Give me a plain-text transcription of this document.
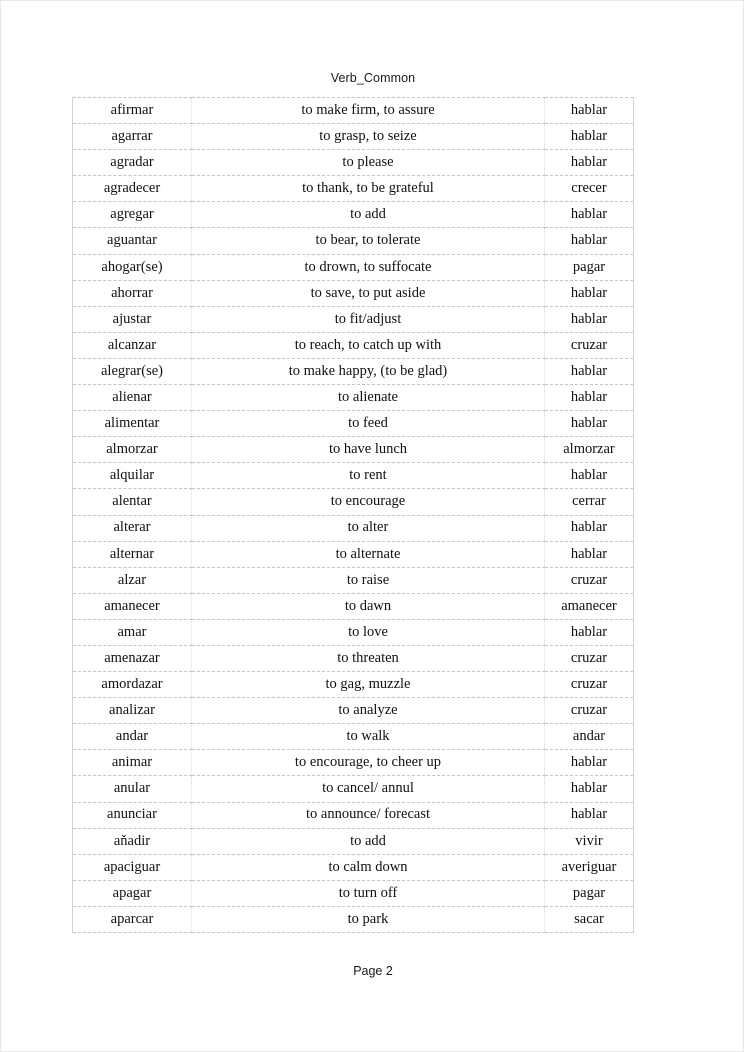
Verb_Common
afirmar	to make firm, to assure	hablar
agarrar	to grasp, to seize	hablar
agradar	to please	hablar
agradecer	to thank, to be grateful	crecer
agregar	to add	hablar
aguantar	to bear, to tolerate	hablar
ahogar(se)	to drown, to suffocate	pagar
ahorrar	to save, to put aside	hablar
ajustar	to fit/adjust	hablar
alcanzar	to reach, to catch up with	cruzar
alegrar(se)	to make happy, (to be glad)	hablar
alienar	to alienate	hablar
alimentar	to feed	hablar
almorzar	to have lunch	almorzar
alquilar	to rent	hablar
alentar	to encourage	cerrar
alterar	to alter	hablar
alternar	to alternate	hablar
alzar	to raise	cruzar
amanecer	to dawn	amanecer
amar	to love	hablar
amenazar	to threaten	cruzar
amordazar	to gag, muzzle	cruzar
analizar	to analyze	cruzar
andar	to walk	andar
animar	to encourage, to cheer up	hablar
anular	to cancel/ annul	hablar
anunciar	to announce/ forecast	hablar
aňadir	to add	vivir
apaciguar	to calm down	averiguar
apagar	to turn off	pagar
aparcar	to park	sacar
Page 2
